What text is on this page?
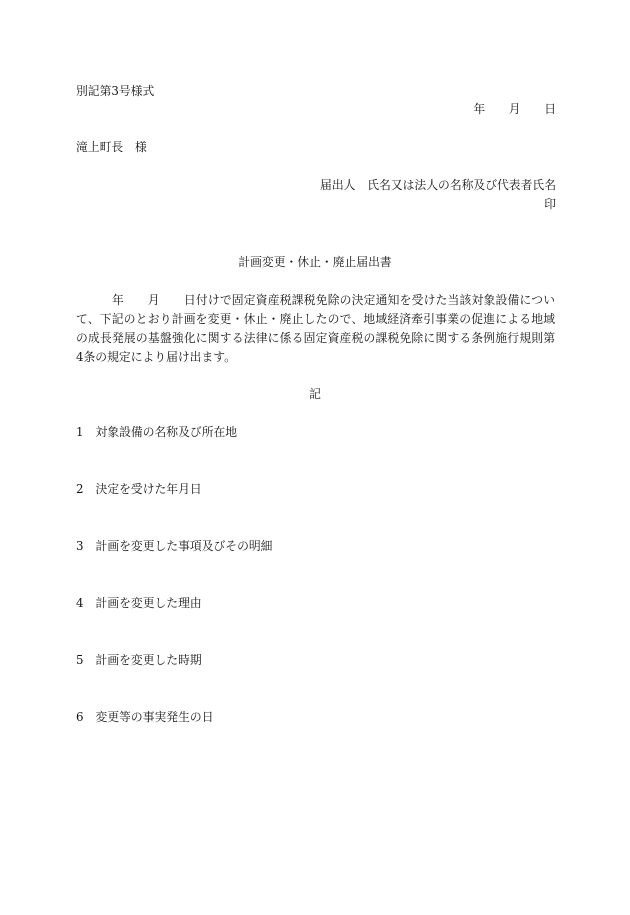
別記第3号様式
年　　月　　日
滝上町長　様
届出人　氏名又は法人の名称及び代表者氏名
印
計画変更・休止・廃止届出書
　　　年　　月　　日付けで固定資産税課税免除の決定通知を受けた当該対象設備につい
て、下記のとおり計画を変更・休止・廃止したので、地域経済牽引事業の促進による地域
の成長発展の基盤強化に関する法律に係る固定資産税の課税免除に関する条例施行規則第
4条の規定により届け出ます。
記
1 対象設備の名称及び所在地
2 決定を受けた年月日
3 計画を変更した事項及びその明細
4 計画を変更した理由
5 計画を変更した時期
6 変更等の事実発生の日
